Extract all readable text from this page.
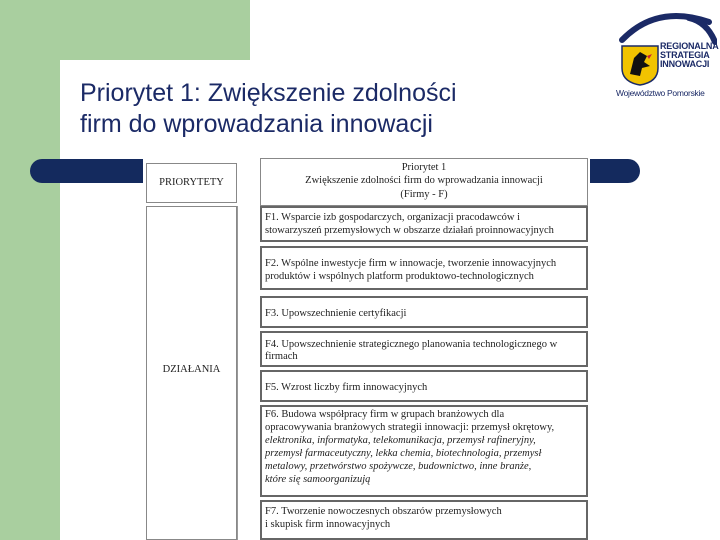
Priorytet 1: Zwiększenie zdolności
firm do wprowadzania innowacji
REGIONALNA
STRATEGIA
INNOWACJI
Województwo Pomorskie
PRIORYTETY
Priorytet 1
Zwiększenie zdolności firm do wprowadzania innowacji
(Firmy - F)
DZIAŁANIA
F1. Wsparcie izb gospodarczych, organizacji pracodawców i
stowarzyszeń przemysłowych w obszarze działań proinnowacyjnych
F2. Wspólne inwestycje firm w innowacje, tworzenie innowacyjnych
produktów i wspólnych platform produktowo-technologicznych
F3. Upowszechnienie certyfikacji
F4. Upowszechnienie strategicznego planowania technologicznego w
firmach
F5. Wzrost liczby firm innowacyjnych
F6. Budowa współpracy firm w grupach branżowych dla
opracowywania branżowych strategii innowacji: przemysł okrętowy,
elektronika, informatyka, telekomunikacja, przemysł rafineryjny,
przemysł farmaceutyczny, lekka chemia, biotechnologia, przemysł
metalowy, przetwórstwo spożywcze, budownictwo, inne branże,
które się samoorganizują
F7. Tworzenie nowoczesnych obszarów przemysłowych
i skupisk firm innowacyjnych
